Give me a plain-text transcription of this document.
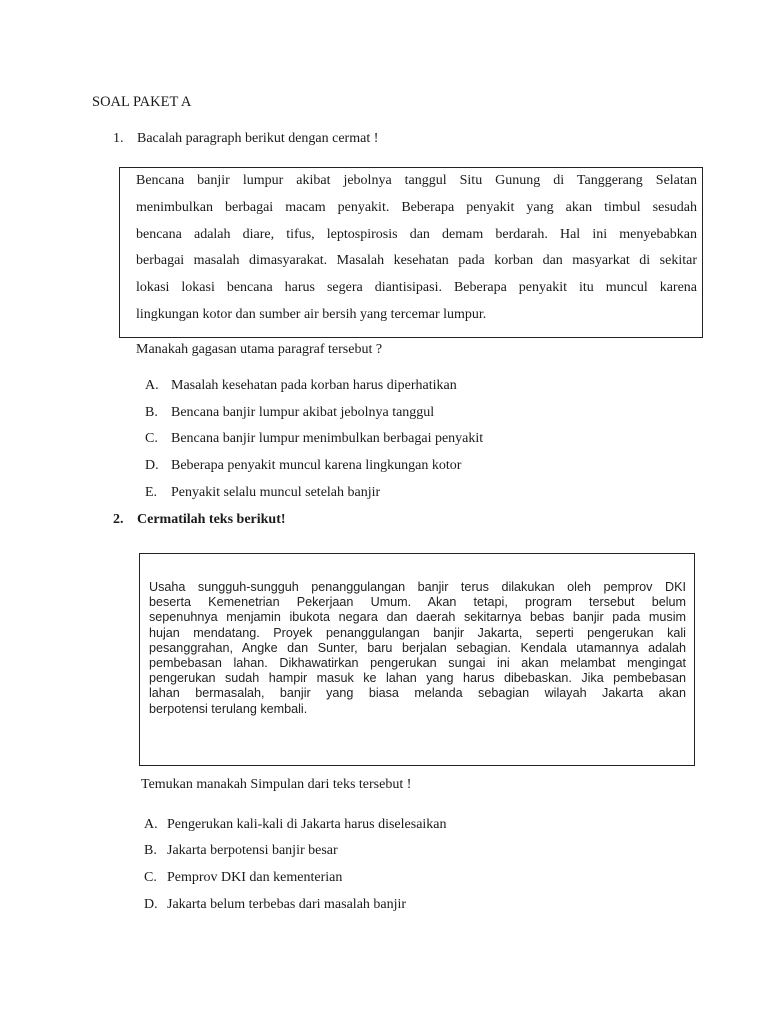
SOAL PAKET A
1. Bacalah paragraph berikut dengan cermat !
Bencana banjir lumpur akibat jebolnya tanggul Situ Gunung di Tanggerang Selatan
menimbulkan berbagai macam penyakit. Beberapa penyakit yang akan timbul sesudah
bencana adalah diare, tifus, leptospirosis dan demam berdarah. Hal ini menyebabkan
berbagai masalah dimasyarakat. Masalah kesehatan pada korban dan masyarkat di sekitar
lokasi lokasi bencana harus segera diantisipasi. Beberapa penyakit itu muncul karena
lingkungan kotor dan sumber air bersih yang tercemar lumpur.
Manakah gagasan utama paragraf tersebut ?
A. Masalah kesehatan pada korban harus diperhatikan
B. Bencana banjir lumpur akibat jebolnya tanggul
C. Bencana banjir lumpur menimbulkan berbagai penyakit
D. Beberapa penyakit muncul karena lingkungan kotor
E. Penyakit selalu muncul setelah banjir
2. Cermatilah teks berikut!
Usaha sungguh-sungguh penanggulangan banjir terus dilakukan oleh pemprov DKI
beserta Kemenetrian Pekerjaan Umum. Akan tetapi, program tersebut belum
sepenuhnya menjamin ibukota negara dan daerah sekitarnya bebas banjir pada musim
hujan mendatang. Proyek penanggulangan banjir Jakarta, seperti pengerukan kali
pesanggrahan, Angke dan Sunter, baru berjalan sebagian. Kendala utamannya adalah
pembebasan lahan. Dikhawatirkan pengerukan sungai ini akan melambat mengingat
pengerukan sudah hampir masuk ke lahan yang harus dibebaskan. Jika pembebasan
lahan bermasalah, banjir yang biasa melanda sebagian wilayah Jakarta akan
berpotensi terulang kembali.
Temukan manakah Simpulan dari teks tersebut !
A. Pengerukan kali-kali di Jakarta harus diselesaikan
B. Jakarta berpotensi banjir besar
C. Pemprov DKI dan kementerian
D. Jakarta belum terbebas dari masalah banjir
